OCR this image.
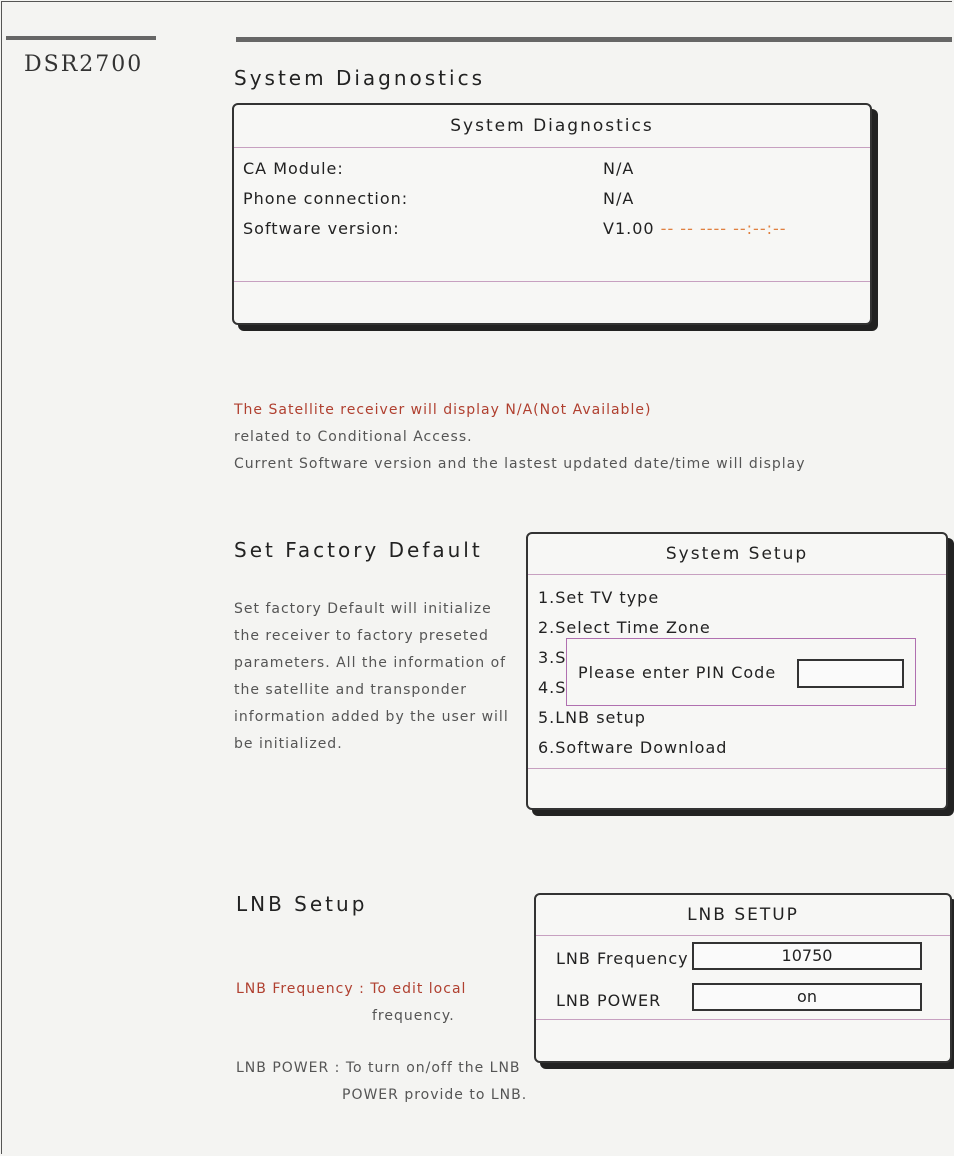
DSR2700
System Diagnostics
System Diagnostics
CA Module:	N/A
Phone connection:	N/A
Software version:	V1.00 -- -- ---- --:--:--
The Satellite receiver will display N/A(Not Available)
related to Conditional Access.
Current Software version and the lastest updated date/time will display
Set Factory Default
Set factory Default will initialize
the receiver to factory preseted
parameters. All the information of
the satellite and transponder
information added by the user will
be initialized.
System Setup
1.Set TV type
2.Select Time Zone
3.S
4.S
5.LNB setup
6.Software Download
Please enter PIN Code
LNB Setup
LNB Frequency : To edit local
frequency.
LNB POWER : To turn on/off the LNB
POWER provide to LNB.
LNB SETUP
LNB Frequency	10750
LNB POWER	on
